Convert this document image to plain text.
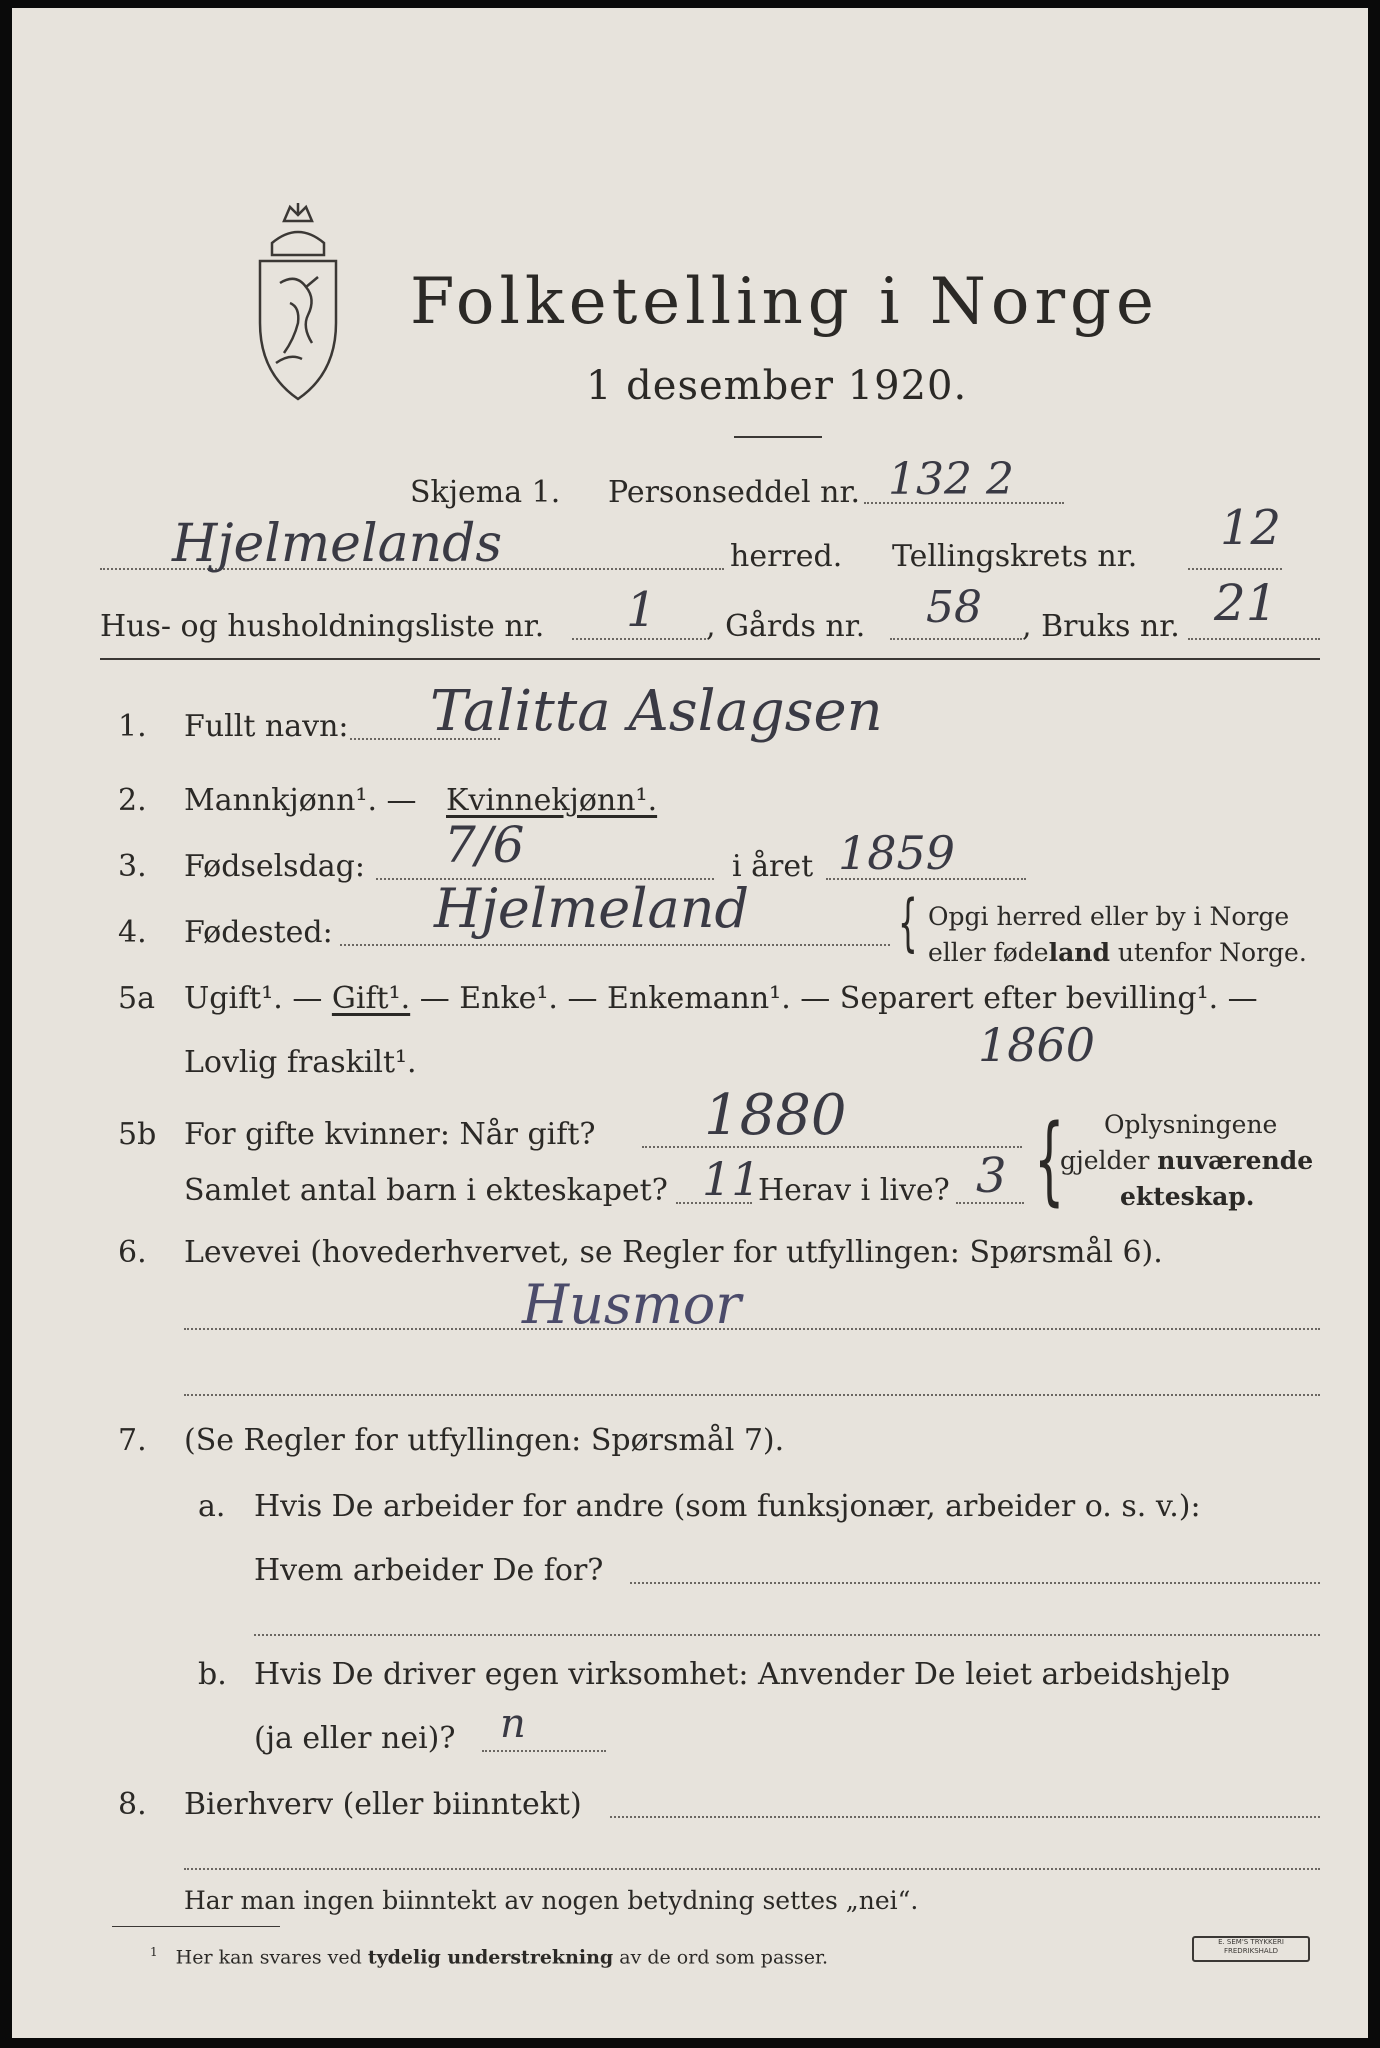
Folketelling i Norge
1 desember 1920.
Skjema 1. Personseddel nr. 132 2
Hjelmelands	herred. Tellingskrets nr.
12
Hus- og husholdningsliste nr. 1 , Gårds nr. 58 , Bruks nr. 21
1. Fullt navn: Talitta Aslagsen
2. Mannkjønn¹. — Kvinnekjønn¹.
3. Fødselsdag: 7/6	i året 1859
4. Fødested: Hjelmeland { Opgi herred eller by i Norge
eller fødeland utenfor Norge.
5a Ugift¹. — Gift¹. — Enke¹. — Enkemann¹. — Separert efter bevilling¹. —
Lovlig fraskilt¹.	1860
5b For gifte kvinner: Når gift? 1880
Samlet antal barn i ekteskapet? 11
Herav i live? 3 { Oplysningene
gjelder nuværende
ekteskap.
6. Levevei (hovederhvervet, se Regler for utfyllingen: Spørsmål 6).
Husmor
7. (Se Regler for utfyllingen: Spørsmål 7).
a. Hvis De arbeider for andre (som funksjonær, arbeider o. s. v.):
Hvem arbeider De for?
b. Hvis De driver egen virksomhet: Anvender De leiet arbeidshjelp
(ja eller nei)? n
8. Bierhverv (eller biinntekt)
Har man ingen biinntekt av nogen betydning settes „nei“.
$^1$ Her kan svares ved tydelig understrekning av de ord som passer.
E. SEM'S TRYKKERI FREDRIKSHALD
